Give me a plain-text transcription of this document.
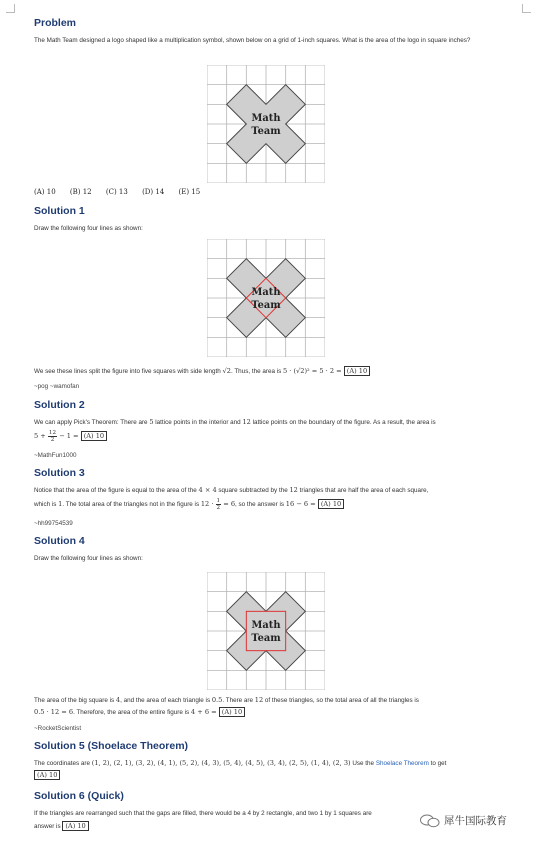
Problem
The Math Team designed a logo shaped like a multiplication symbol, shown below on a grid of 1-inch squares. What is the area of the logo in square inches?
Math
Team
(A) 10 (B) 12 (C) 13 (D) 14 (E) 15
Solution 1
Draw the following four lines as shown:
Math
Team
We see these lines split the figure into five squares with side length √2. Thus, the area is 5 · (√2)² = 5 · 2 = (A) 10
~pog ~wamofan
Solution 2
We can apply Pick's Theorem: There are 5 lattice points in the interior and 12 lattice points on the boundary of the figure. As a result, the area is
$5 + \frac{12}{2} - 1 = (A)$ 10
~MathFun1000
Solution 3
Notice that the area of the figure is equal to the area of the 4 × 4 square subtracted by the 12 triangles that are half the area of each square,
which is 1. The total area of the triangles not in the figure is $12 \cdot \frac{1}{2} = 6$, so the answer is 16 − 6 = (A) 10
~hh99754539
Solution 4
Draw the following four lines as shown:
Math
Team
The area of the big square is 4, and the area of each triangle is 0.5. There are 12 of these triangles, so the total area of all the triangles is
0.5 · 12 = 6. Therefore, the area of the entire figure is 4 + 6 = (A) 10
~RocketScientist
Solution 5 (Shoelace Theorem)
The coordinates are (1, 2), (2, 1), (3, 2), (4, 1), (5, 2), (4, 3), (5, 4), (4, 5), (3, 4), (2, 5), (1, 4), (2, 3) Use the Shoelace Theorem to get
(A) 10
Solution 6 (Quick)
If the triangles are rearranged such that the gaps are filled, there would be a 4 by 2 rectangle, and two 1 by 1 squares are
answer is (A) 10	犀牛国际教育
